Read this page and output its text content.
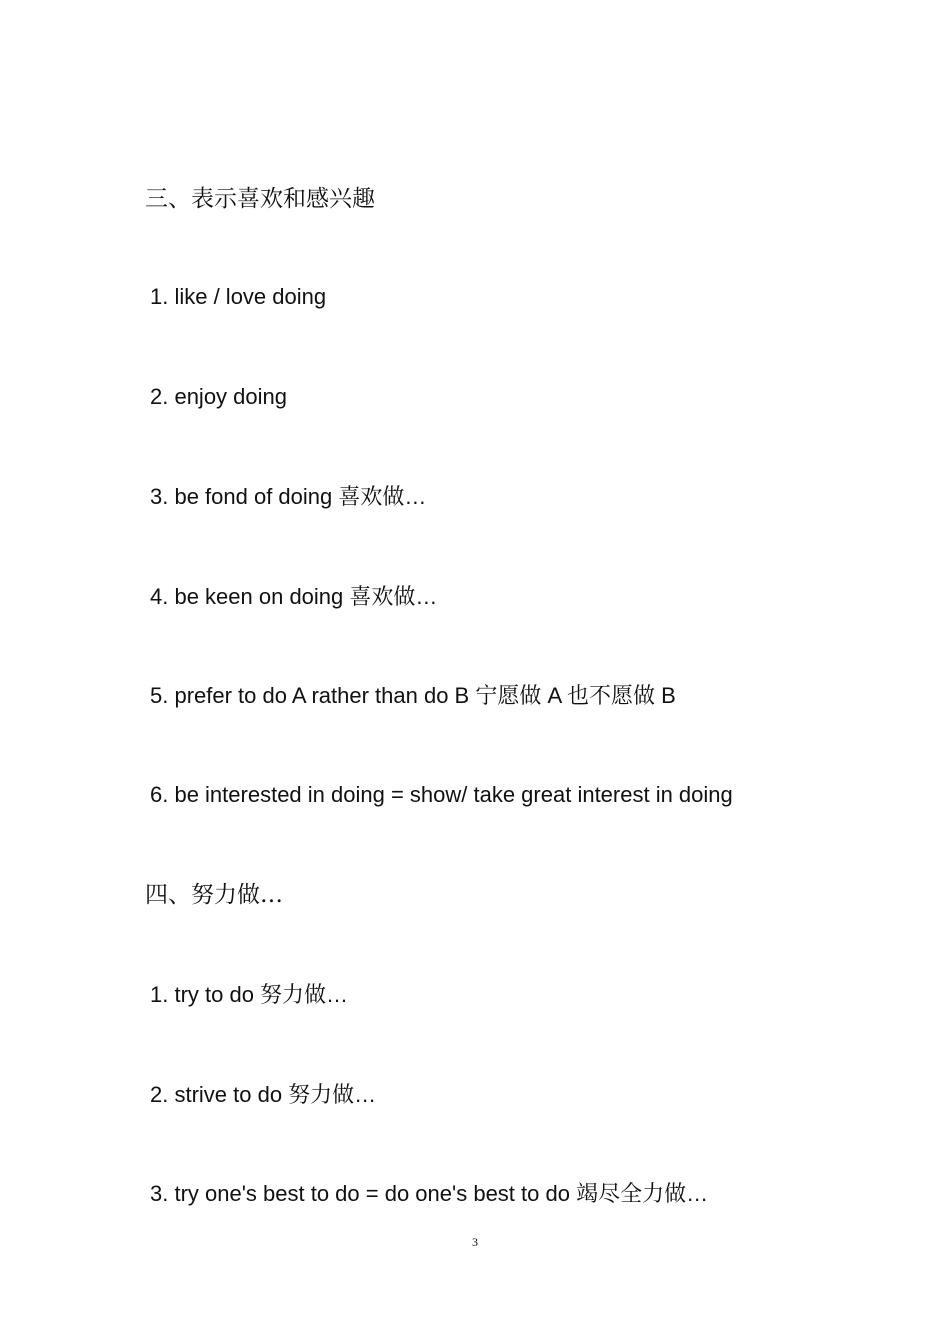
三、表示喜欢和感兴趣
1. like / love doing
2. enjoy doing
3. be fond of doing 喜欢做…
4. be keen on doing 喜欢做…
5. prefer to do A rather than do B 宁愿做 A 也不愿做 B
6. be interested in doing = show/ take great interest in doing
四、努力做…
1. try to do 努力做…
2. strive to do 努力做…
3. try one's best to do = do one's best to do 竭尽全力做…
3
